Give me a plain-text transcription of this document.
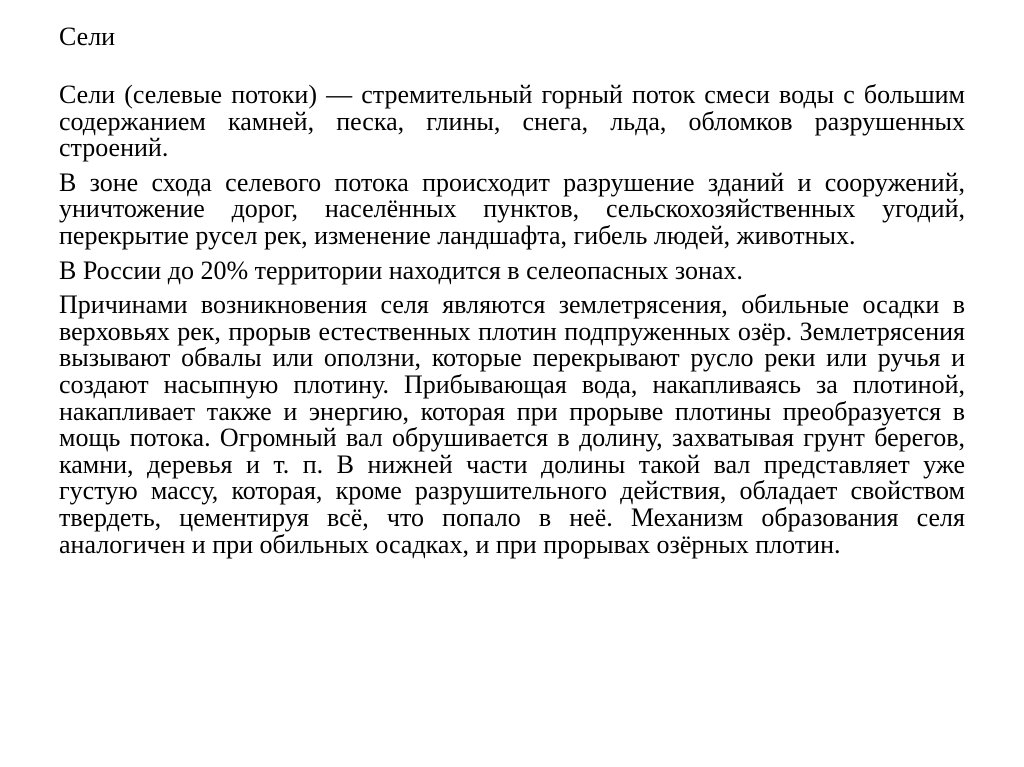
Сели

Сели (селевые потоки) — стремительный горный поток смеси воды с большим содержанием камней, песка, глины, снега, льда, обломков разрушенных строений.

В зоне схода селевого потока происходит разрушение зданий и сооружений, уничтожение дорог, населённых пунктов, сельскохозяйственных угодий, перекрытие русел рек, изменение ландшафта, гибель людей, животных.

В России до 20% территории находится в селеопасных зонах.

Причинами возникновения селя являются землетрясения, обильные осадки в верховьях рек, прорыв естественных плотин подпруженных озёр. Землетрясения вызывают обвалы или оползни, которые перекрывают русло реки или ручья и создают насыпную плотину. Прибывающая вода, накапливаясь за плотиной, накапливает также и энергию, которая при прорыве плотины преобразуется в мощь потока. Огромный вал обрушивается в долину, захватывая грунт берегов, камни, деревья и т. п. В нижней части долины такой вал представляет уже густую массу, которая, кроме разрушительного действия, обладает свойством твердеть, цементируя всё, что попало в неё. Механизм образования селя аналогичен и при обильных осадках, и при прорывах озёрных плотин.
